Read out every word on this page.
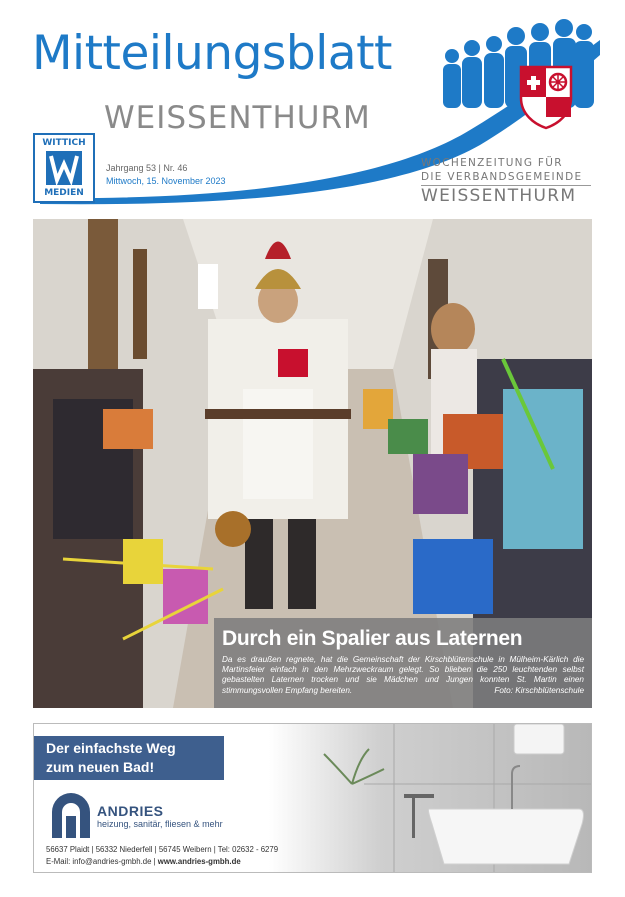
Mitteilungsblatt
WEISSENTHURM
WITTICH
MEDIEN
Jahrgang 53 | Nr. 46
Mittwoch, 15. November 2023
WOCHENZEITUNG FÜR
DIE VERBANDSGEMEINDE
WEISSENTHURM
Durch ein Spalier aus Laternen
Da es draußen regnete, hat die Gemeinschaft der Kirschblütenschule in Mülheim-Kärlich die Martinsfeier einfach in den Mehrzweckraum gelegt. So blieben die 250 leuchtenden selbst gebastelten Laternen trocken und sie Mädchen und Jungen konnten St. Martin einen stimmungsvollen Empfang bereiten.	Foto: Kirschblütenschule
Der einfachste Weg
zum neuen Bad!
ANDRIES
heizung, sanitär, fliesen & mehr
56637 Plaidt | 56332 Niederfell | 56745 Weibern | Tel: 02632 - 6279
E-Mail: info@andries-gmbh.de | www.andries-gmbh.de
